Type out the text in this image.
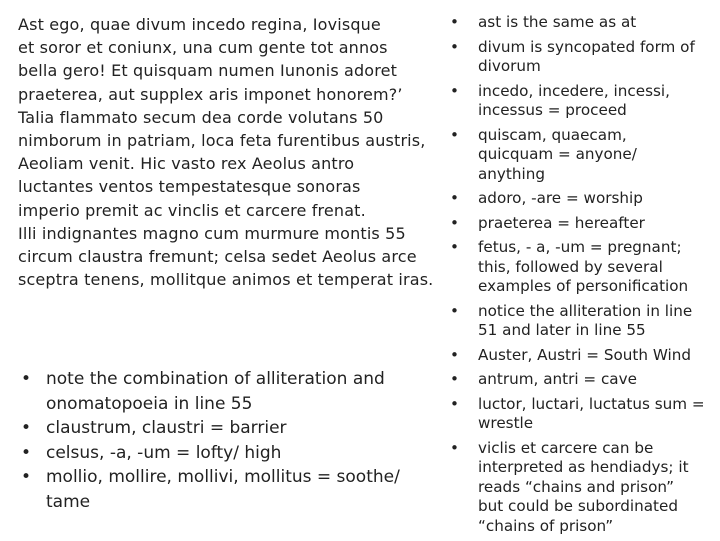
Ast ego, quae divum incedo regina, Iovisque
et soror et coniunx, una cum gente tot annos
bella gero! Et quisquam numen Iunonis adoret
praeterea, aut supplex aris imponet honorem?’
Talia flammato secum dea corde volutans 50
nimborum in patriam, loca feta furentibus austris,
Aeoliam venit. Hic vasto rex Aeolus antro
luctantes ventos tempestatesque sonoras
imperio premit ac vinclis et carcere frenat.
Illi indignantes magno cum murmure montis 55
circum claustra fremunt; celsa sedet Aeolus arce
sceptra tenens, mollitque animos et temperat iras.
• note the combination of alliteration and
onomatopoeia in line 55
• claustrum, claustri = barrier
• celsus, -a, -um = lofty/ high
• mollio, mollire, mollivi, mollitus = soothe/
tame
• ast is the same as at
• divum is syncopated form of
divorum
• incedo, incedere, incessi,
incessus = proceed
• quiscam, quaecam,
quicquam = anyone/
anything
• adoro, -are = worship
• praeterea = hereafter
• fetus, - a, -um = pregnant;
this, followed by several
examples of personification
• notice the alliteration in line
51 and later in line 55
• Auster, Austri = South Wind
• antrum, antri = cave
• luctor, luctari, luctatus sum =
wrestle
• viclis et carcere can be
interpreted as hendiadys; it
reads “chains and prison”
but could be subordinated
“chains of prison”
